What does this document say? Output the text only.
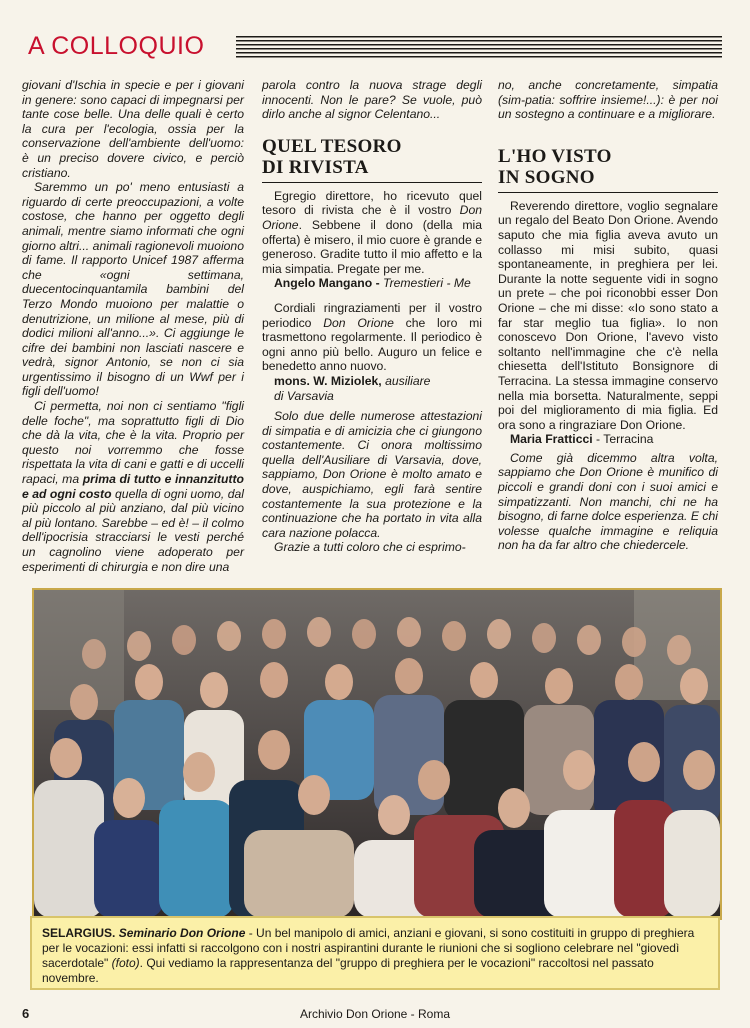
A COLLOQUIO

giovani d'Ischia in specie e per i giovani in genere: sono capaci di impegnarsi per tante cose belle. Una delle quali è certo la cura per l'ecologia, ossia per la conservazione dell'ambiente dell'uomo: è un preciso dovere civico, e perciò cristiano.

Saremmo un po' meno entusiasti a riguardo di certe preoccupazioni, a volte costose, che hanno per oggetto degli animali, mentre siamo informati che ogni giorno altri... animali ragionevoli muoiono di fame. Il rapporto Unicef 1987 afferma che «ogni settimana, duecentocinquantamila bambini del Terzo Mondo muoiono per malattie o denutrizione, un milione al mese, più di dodici milioni all'anno...». Ci aggiunge le cifre dei bambini non lasciati nascere e vedrà, signor Antonio, se non ci sia urgentissimo il bisogno di un Wwf per i figli dell'uomo!

Ci permetta, noi non ci sentiamo "figli delle foche", ma soprattutto figli di Dio che dà la vita, che è la vita. Proprio per questo noi vorremmo che fosse rispettata la vita di cani e gatti e di uccelli rapaci, ma prima di tutto e innanzitutto e ad ogni costo quella di ogni uomo, dal più piccolo al più anziano, dal più vicino al più lontano. Sarebbe – ed è! – il colmo dell'ipocrisia stracciarsi le vesti perché un cagnolino viene adoperato per esperimenti di chirurgia e non dire una

parola contro la nuova strage degli innocenti. Non le pare? Se vuole, può dirlo anche al signor Celentano...

QUEL TESORO
DI RIVISTA

Egregio direttore, ho ricevuto quel tesoro di rivista che è il vostro Don Orione. Sebbene il dono (della mia offerta) è misero, il mio cuore è grande e generoso. Gradite tutto il mio affetto e la mia simpatia. Pregate per me.

Angelo Mangano - Tremestieri - Me

Cordiali ringraziamenti per il vostro periodico Don Orione che loro mi trasmettono regolarmente. Il periodico è ogni anno più bello. Auguro un felice e benedetto anno nuovo.

mons. W. Miziolek, ausiliare

di Varsavia

Solo due delle numerose attestazioni di simpatia e di amicizia che ci giungono costantemente. Ci onora moltissimo quella dell'Ausiliare di Varsavia, dove, sappiamo, Don Orione è molto amato e dove, auspichiamo, egli farà sentire costantemente la sua protezione e la continuazione che ha portato in vita alla cara nazione polacca.

Grazie a tutti coloro che ci esprimo-

no, anche concretamente, simpatia (sim-patia: soffrire insieme!...): è per noi un sostegno a continuare e a migliorare.

L'HO VISTO
IN SOGNO

Reverendo direttore, voglio segnalare un regalo del Beato Don Orione. Avendo saputo che mia figlia aveva avuto un collasso mi misi subito, quasi spontaneamente, in preghiera per lei. Durante la notte seguente vidi in sogno un prete – che poi riconobbi esser Don Orione – che mi disse: «Io sono stato a far star meglio tua figlia». Io non conoscevo Don Orione, l'avevo visto soltanto nell'immagine che c'è nella chiesetta dell'Istituto Bonsignore di Terracina. La stessa immagine conservo nella mia borsetta. Naturalmente, seppi poi del miglioramento di mia figlia. Ed ora sono a ringraziare Don Orione.

Maria Fratticci - Terracina

Come già dicemmo altra volta, sappiamo che Don Orione è munifico di piccoli e grandi doni con i suoi amici e simpatizzanti. Non manchi, chi ne ha bisogno, di farne dolce esperienza. E chi volesse qualche immagine e reliquia non ha da far altro che chiedercele.

SELARGIUS. Seminario Don Orione - Un bel manipolo di amici, anziani e giovani, si sono costituiti in gruppo di preghiera per le vocazioni: essi infatti si raccolgono con i nostri aspirantini durante le riunioni che si sogliono celebrare nel "giovedì sacerdotale" (foto). Qui vediamo la rappresentanza del "gruppo di preghiera per le vocazioni" raccoltosi nel passato novembre.
6	Archivio Don Orione - Roma
